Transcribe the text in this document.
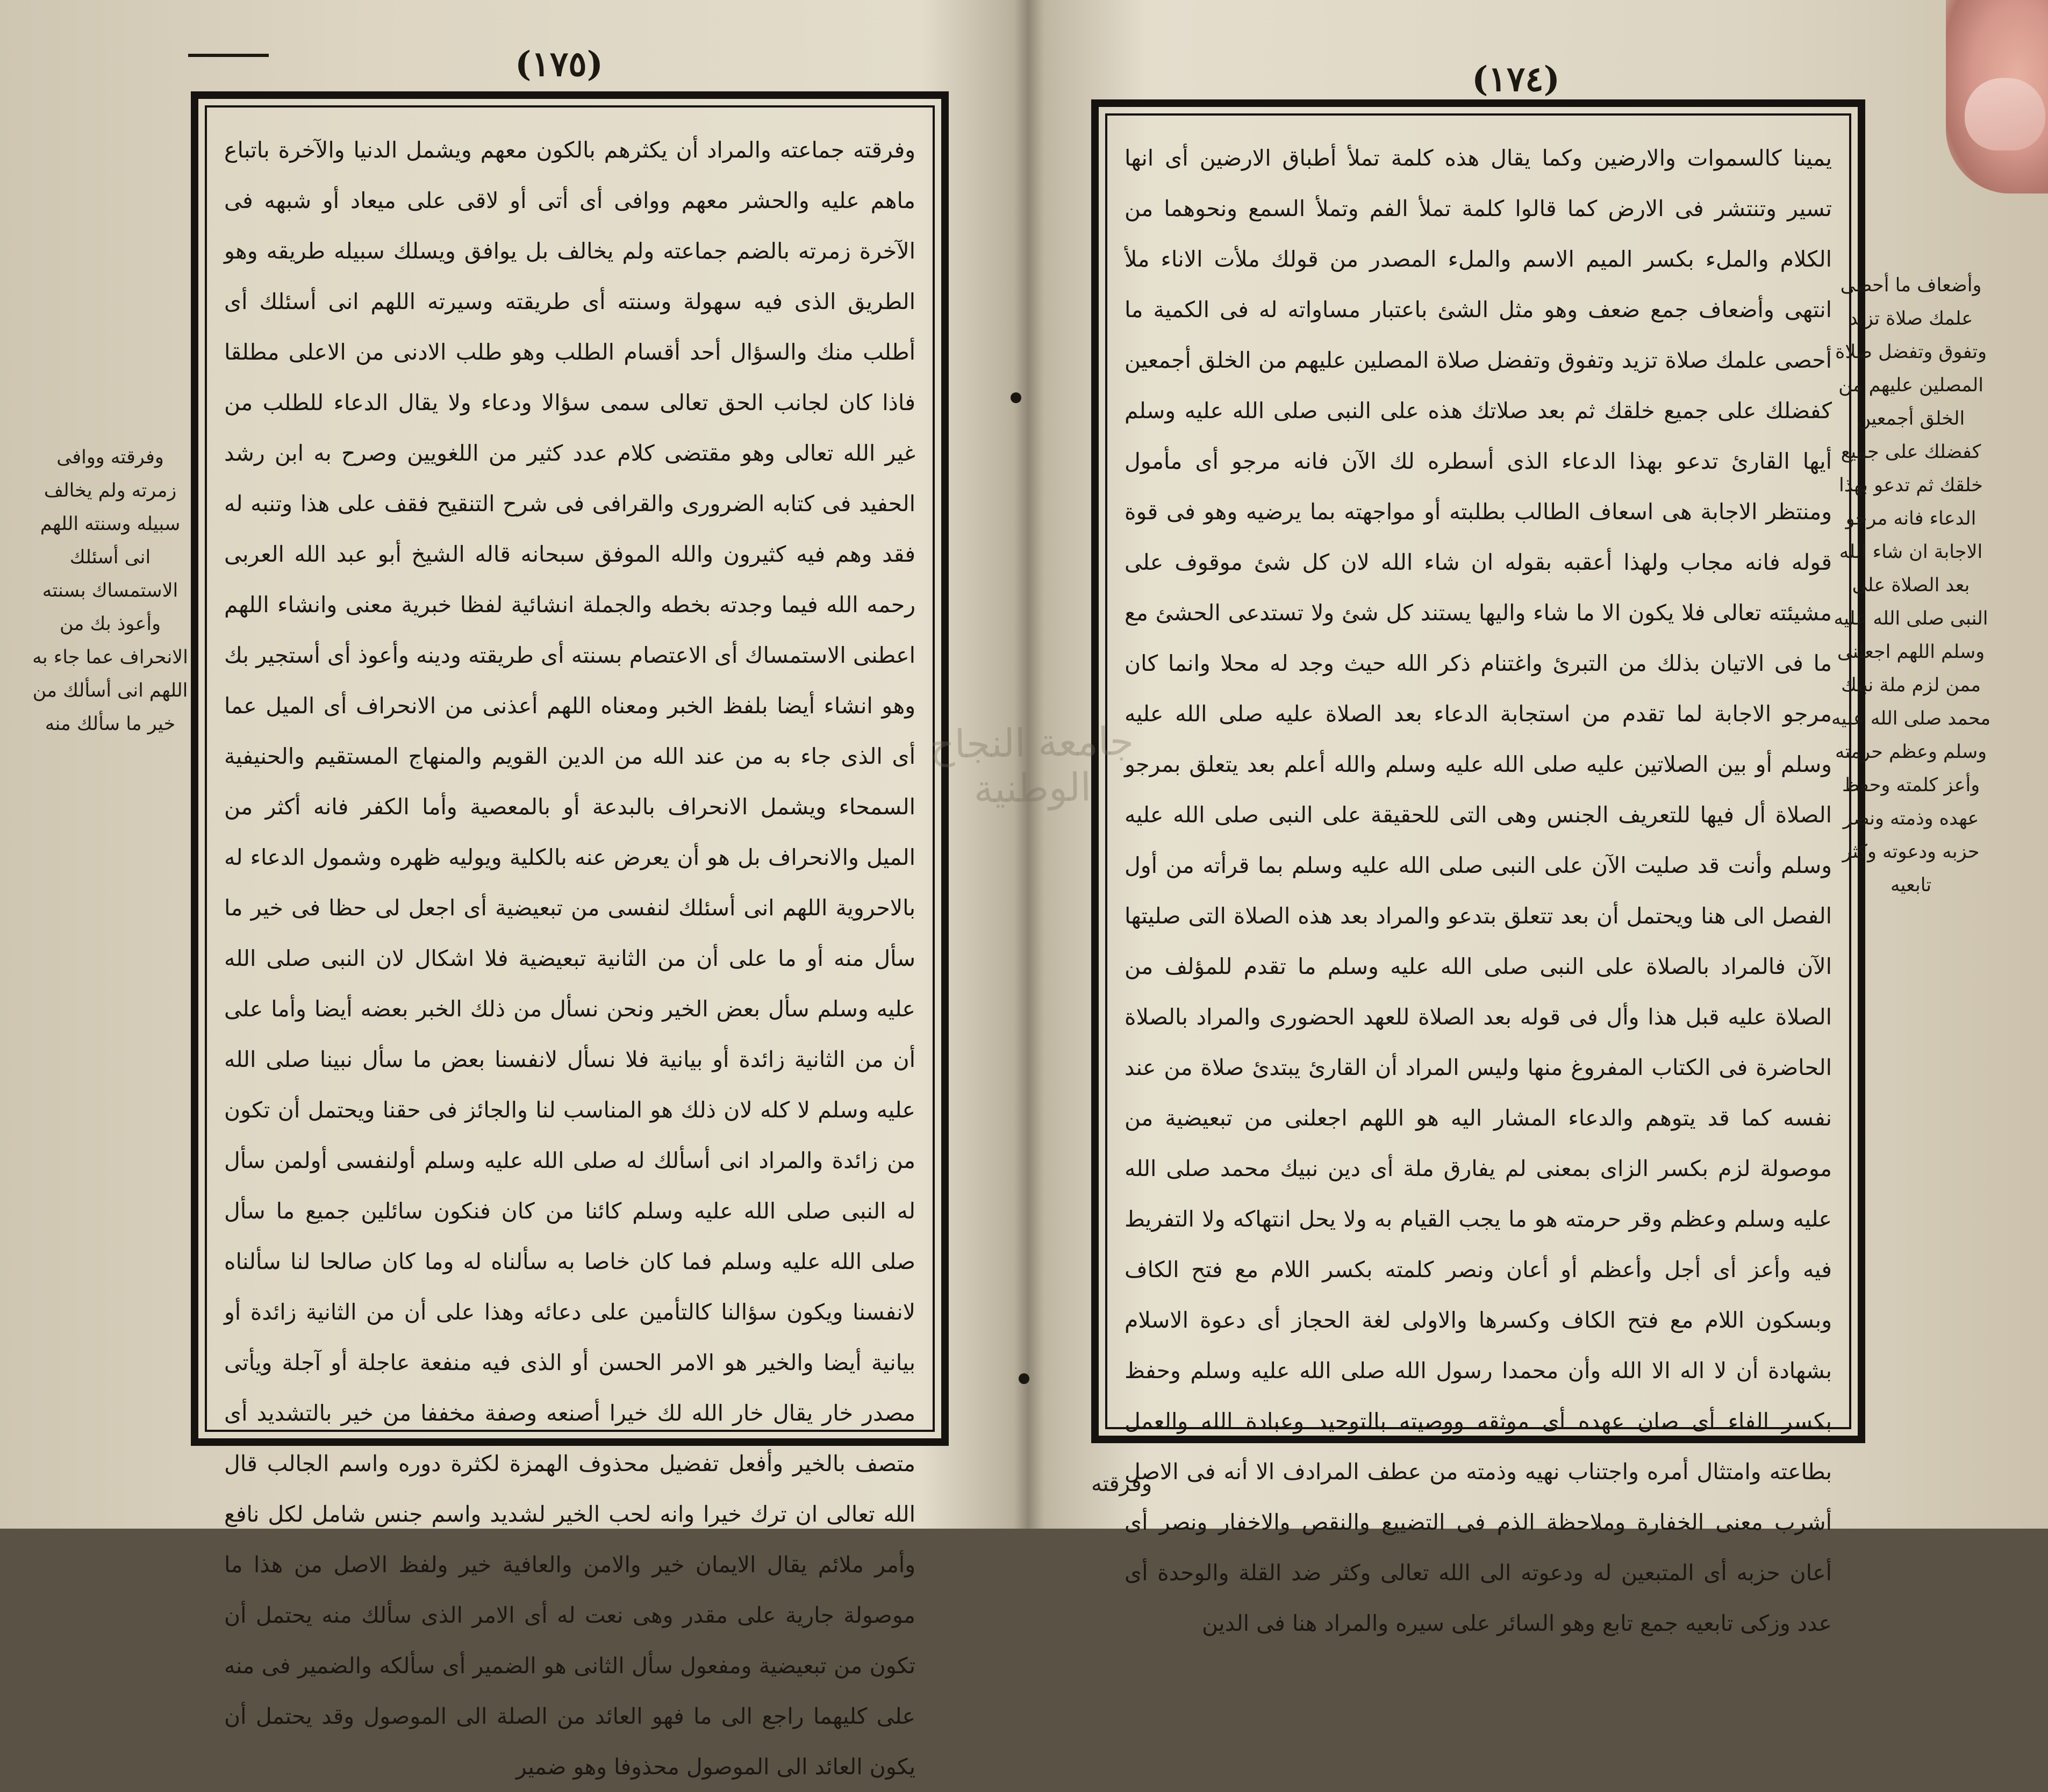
(١٧٥)
وفرقته ووافى زمرته ولم يخالف سبيله وسنته اللهم انى أسئلك الاستمساك بسنته وأعوذ بك من الانحراف عما جاء به اللهم انى أسألك من خير ما سألك منه

وفرقته جماعته والمراد أن يكثرهم بالكون معهم ويشمل الدنيا والآخرة باتباع ماهم عليه والحشر معهم ووافى أى أتى أو لاقى على ميعاد أو شبهه فى الآخرة زمرته بالضم جماعته ولم يخالف بل يوافق ويسلك سبيله طريقه وهو الطريق الذى فيه سهولة وسنته أى طريقته وسيرته اللهم انى أسئلك أى أطلب منك والسؤال أحد أقسام الطلب وهو طلب الادنى من الاعلى مطلقا فاذا كان لجانب الحق تعالى سمى سؤالا ودعاء ولا يقال الدعاء للطلب من غير الله تعالى وهو مقتضى كلام عدد كثير من اللغويين وصرح به ابن رشد الحفيد فى كتابه الضرورى والقرافى فى شرح التنقيح فقف على هذا وتنبه له فقد وهم فيه كثيرون والله الموفق سبحانه قاله الشيخ أبو عبد الله العربى رحمه الله فيما وجدته بخطه والجملة انشائية لفظا خبرية معنى وانشاء اللهم اعطنى الاستمساك أى الاعتصام بسنته أى طريقته ودينه وأعوذ أى أستجير بك وهو انشاء أيضا بلفظ الخبر ومعناه اللهم أعذنى من الانحراف أى الميل عما أى الذى جاء به من عند الله من الدين القويم والمنهاج المستقيم والحنيفية السمحاء ويشمل الانحراف بالبدعة أو بالمعصية وأما الكفر فانه أكثر من الميل والانحراف بل هو أن يعرض عنه بالكلية ويوليه ظهره وشمول الدعاء له بالاحروية اللهم انى أسئلك لنفسى من تبعيضية أى اجعل لى حظا فى خير ما سأل منه أو ما على أن من الثانية تبعيضية فلا اشكال لان النبى صلى الله عليه وسلم سأل بعض الخير ونحن نسأل من ذلك الخبر بعضه أيضا وأما على أن من الثانية زائدة أو بيانية فلا نسأل لانفسنا بعض ما سأل نبينا صلى الله عليه وسلم لا كله لان ذلك هو المناسب لنا والجائز فى حقنا ويحتمل أن تكون من زائدة والمراد انى أسألك له صلى الله عليه وسلم أولنفسى أولمن سأل له النبى صلى الله عليه وسلم كائنا من كان فنكون سائلين جميع ما سأل صلى الله عليه وسلم فما كان خاصا به سألناه له وما كان صالحا لنا سألناه لانفسنا ويكون سؤالنا كالتأمين على دعائه وهذا على أن من الثانية زائدة أو بيانية أيضا والخير هو الامر الحسن أو الذى فيه منفعة عاجلة أو آجلة ويأتى مصدر خار يقال خار الله لك خيرا أصنعه وصفة مخففا من خير بالتشديد أى متصف بالخير وأفعل تفضيل محذوف الهمزة لكثرة دوره واسم الجالب قال الله تعالى ان ترك خيرا وانه لحب الخير لشديد واسم جنس شامل لكل نافع وأمر ملائم يقال الايمان خير والامن والعافية خير ولفظ الاصل من هذا ما موصولة جارية على مقدر وهى نعت له أى الامر الذى سألك منه يحتمل أن تكون من تبعيضية ومفعول سأل الثانى هو الضمير أى سألكه والضمير فى منه على كليهما راجع الى ما فهو العائد من الصلة الى الموصول وقد يحتمل أن يكون العائد الى الموصول محذوفا وهو ضمير

(١٧٤)

يمينا كالسموات والارضين وكما يقال هذه كلمة تملأ أطباق الارضين أى انها تسير وتنتشر فى الارض كما قالوا كلمة تملأ الفم وتملأ السمع ونحوهما من الكلام والملء بكسر الميم الاسم والملء المصدر من قولك ملأت الاناء ملأ انتهى وأضعاف جمع ضعف وهو مثل الشئ باعتبار مساواته له فى الكمية ما أحصى علمك صلاة تزيد وتفوق وتفضل صلاة المصلين عليهم من الخلق أجمعين كفضلك على جميع خلقك ثم بعد صلاتك هذه على النبى صلى الله عليه وسلم أيها القارئ تدعو بهذا الدعاء الذى أسطره لك الآن فانه مرجو أى مأمول ومنتظر الاجابة هى اسعاف الطالب بطلبته أو مواجهته بما يرضيه وهو فى قوة قوله فانه مجاب ولهذا أعقبه بقوله ان شاء الله لان كل شئ موقوف على مشيئته تعالى فلا يكون الا ما شاء واليها يستند كل شئ ولا تستدعى الحشئ مع ما فى الاتيان بذلك من التبرئ واغتنام ذكر الله حيث وجد له محلا وانما كان مرجو الاجابة لما تقدم من استجابة الدعاء بعد الصلاة عليه صلى الله عليه وسلم أو بين الصلاتين عليه صلى الله عليه وسلم والله أعلم بعد يتعلق بمرجو الصلاة أل فيها للتعريف الجنس وهى التى للحقيقة على النبى صلى الله عليه وسلم وأنت قد صليت الآن على النبى صلى الله عليه وسلم بما قرأته من أول الفصل الى هنا ويحتمل أن بعد تتعلق بتدعو والمراد بعد هذه الصلاة التى صليتها الآن فالمراد بالصلاة على النبى صلى الله عليه وسلم ما تقدم للمؤلف من الصلاة عليه قبل هذا وأل فى قوله بعد الصلاة للعهد الحضورى والمراد بالصلاة الحاضرة فى الكتاب المفروغ منها وليس المراد أن القارئ يبتدئ صلاة من عند نفسه كما قد يتوهم والدعاء المشار اليه هو اللهم اجعلنى من تبعيضية من موصولة لزم بكسر الزاى بمعنى لم يفارق ملة أى دين نبيك محمد صلى الله عليه وسلم وعظم وقر حرمته هو ما يجب القيام به ولا يحل انتهاكه ولا التفريط فيه وأعز أى أجل وأعظم أو أعان ونصر كلمته بكسر اللام مع فتح الكاف وبسكون اللام مع فتح الكاف وكسرها والاولى لغة الحجاز أى دعوة الاسلام بشهادة أن لا اله الا الله وأن محمدا رسول الله صلى الله عليه وسلم وحفظ بكسر الفاء أى صان عهده أى موثقه ووصيته بالتوحيد وعبادة الله والعمل بطاعته وامتثال أمره واجتناب نهيه وذمته من عطف المرادف الا أنه فى الاصل أشرب معنى الخفارة وملاحظة الذم فى التضييع والنقص والاخفار ونصر أى أعان حزبه أى المتبعين له ودعوته الى الله تعالى وكثر ضد القلة والوحدة أى عدد وزكى تابعيه جمع تابع وهو السائر على سيره والمراد هنا فى الدين

وأضعاف ما أحصى علمك صلاة تزيد وتفوق وتفضل صلاة المصلين عليهم من الخلق أجمعين كفضلك على جميع خلقك ثم تدعو بهذا الدعاء فانه مرجو الاجابة ان شاء الله بعد الصلاة على النبى صلى الله عليه وسلم اللهم اجعلنى ممن لزم ملة نبيك محمد صلى الله عليه وسلم وعظم حرمته وأعز كلمته وحفظ عهده وذمته ونصر حزبه ودعوته وكثر تابعيه
وفرقته
جامعة النجاح الوطنية
